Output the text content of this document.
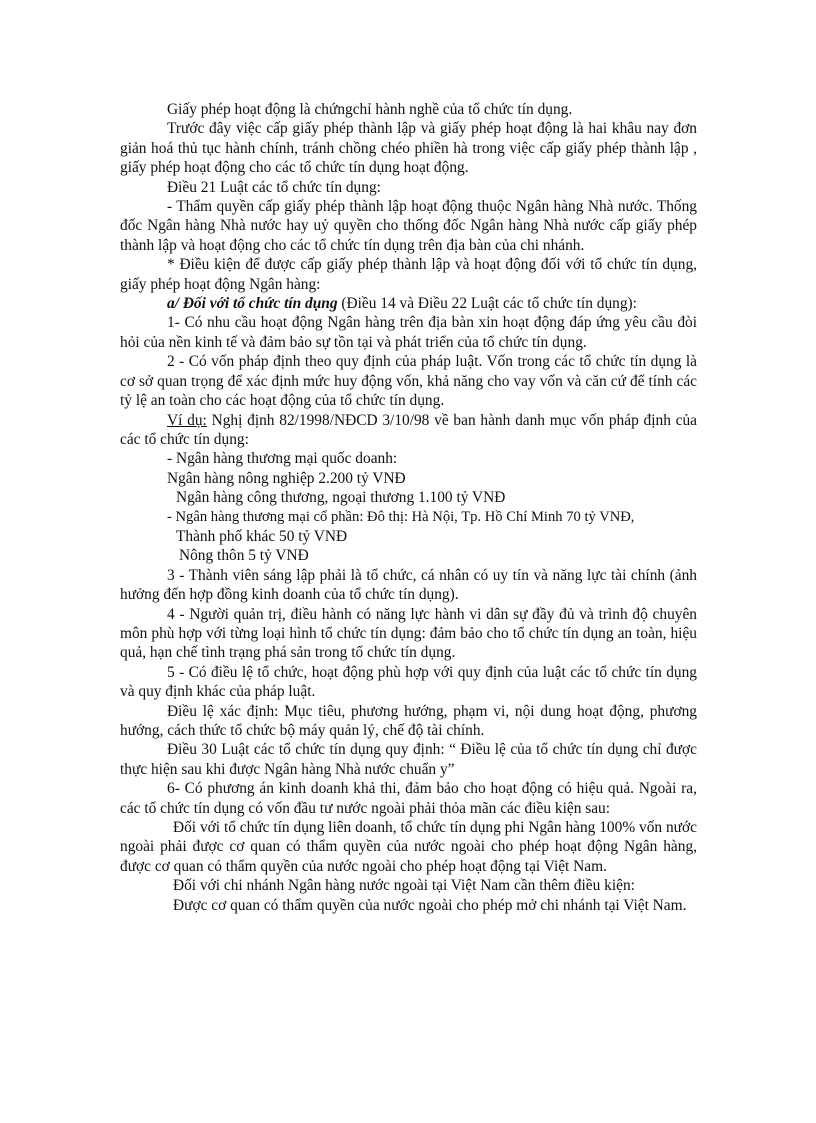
Giấy phép hoạt động là chứngchỉ hành nghề của tổ chức tín dụng.

Trước đây việc cấp giấy phép thành lập và giấy phép hoạt động là hai khâu nay đơn giản hoá thủ tục hành chính, tránh chồng chéo phiền hà trong việc cấp giấy phép thành lập , giấy phép hoạt động cho các tổ chức tín dụng hoạt động.

Điều 21 Luật các tổ chức tín dụng:

- Thẩm quyền cấp giấy phép thành lập hoạt động thuộc Ngân hàng Nhà nước. Thống đốc Ngân hàng Nhà nước hay uỷ quyền cho thống đốc Ngân hàng Nhà nước cấp giấy phép thành lập và hoạt động cho các tổ chức tín dụng trên địa bàn của chi nhánh.

* Điều kiện để được cấp giấy phép thành lập và hoạt động đối với tổ chức tín dụng, giấy phép hoạt động Ngân hàng:

a/ Đối với tổ chức tín dụng (Điều 14 và Điều 22 Luật các tổ chức tín dụng):

1- Có nhu cầu hoạt động Ngân hàng trên địa bàn xin hoạt động đáp ứng yêu cầu đòi hỏi của nền kinh tế và đảm bảo sự tồn tại và phát triển của tổ chức tín dụng.

2 - Có vốn pháp định theo quy định của pháp luật. Vốn trong các tổ chức tín dụng là cơ sở quan trọng để xác định mức huy động vốn, khả năng cho vay vốn và căn cứ để tính các tỷ lệ an toàn cho các hoạt động của tổ chức tín dụng.

Ví dụ: Nghị định 82/1998/NĐCD 3/10/98 về ban hành danh mục vốn pháp định của các tổ chức tín dụng:

- Ngân hàng thương mại quốc doanh:

Ngân hàng nông nghiệp 2.200 tỷ VNĐ

Ngân hàng công thương, ngoại thương 1.100 tỷ VNĐ

- Ngân hàng thương mại cổ phần: Đô thị: Hà Nội, Tp. Hồ Chí Minh 70 tỷ VNĐ,

Thành phố khác 50 tỷ VNĐ

Nông thôn 5 tỷ VNĐ

3 - Thành viên sáng lập phải là tổ chức, cá nhân có uy tín và năng lực tài chính (ảnh hưởng đến hợp đồng kinh doanh của tổ chức tín dụng).

4 - Người quản trị, điều hành có năng lực hành vi dân sự đầy đủ và trình độ chuyên môn phù hợp với từng loại hình tổ chức tín dụng: đảm bảo cho tổ chức tín dụng an toàn, hiệu quả, hạn chế tình trạng phá sản trong tổ chức tín dụng.

5 - Có điều lệ tổ chức, hoạt động phù hợp với quy định của luật các tổ chức tín dụng và quy định khác của pháp luật.

Điều lệ xác định: Mục tiêu, phương hướng, phạm vi, nội dung hoạt động, phương hướng, cách thức tổ chức bộ máy quản lý, chế độ tài chính.

Điều 30 Luật các tổ chức tín dụng quy định: “ Điều lệ của tổ chức tín dụng chỉ được thực hiện sau khi được Ngân hàng Nhà nước chuẩn y”

6- Có phương án kinh doanh khả thi, đảm bảo cho hoạt động có hiệu quả. Ngoài ra, các tổ chức tín dụng có vốn đầu tư nước ngoài phải thỏa mãn các điều kiện sau:

Đối với tổ chức tín dụng liên doanh, tổ chức tín dụng phi Ngân hàng 100% vốn nước ngoài phải được cơ quan có thẩm quyền của nước ngoài cho phép hoạt động Ngân hàng, được cơ quan có thẩm quyền của nước ngoài cho phép hoạt động tại Việt Nam.

Đối với chi nhánh Ngân hàng nước ngoài tại Việt Nam cần thêm điều kiện:

Được cơ quan có thẩm quyền của nước ngoài cho phép mở chi nhánh tại Việt Nam.
